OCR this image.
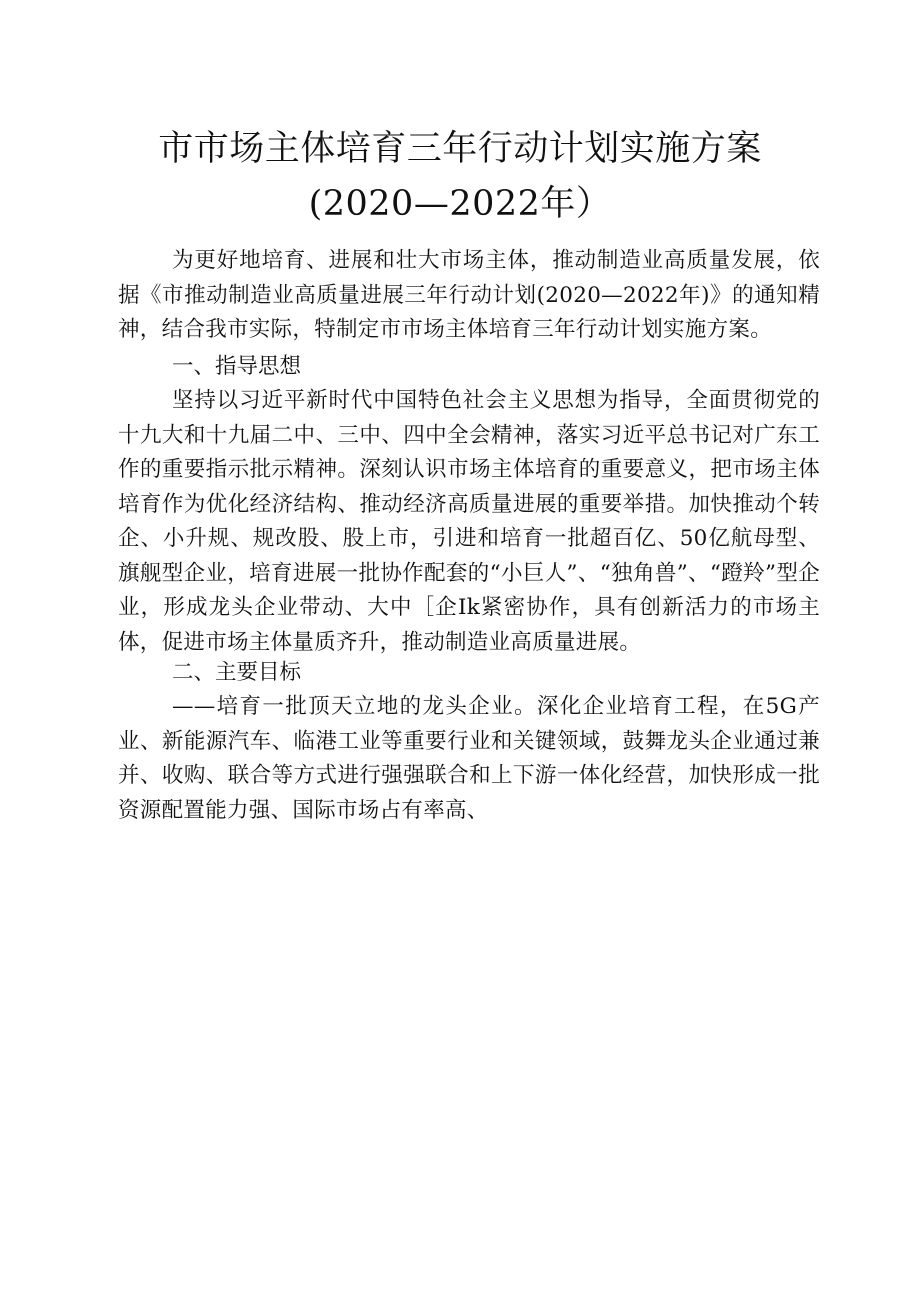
市市场主体培育三年行动计划实施方案
(2020—2022年）

为更好地培育、进展和壮大市场主体，推动制造业高质量发展，依据《市推动制造业高质量进展三年行动计划(2020—2022年)》的通知精神，结合我市实际，特制定市市场主体培育三年行动计划实施方案。

一、指导思想

坚持以习近平新时代中国特色社会主义思想为指导，全面贯彻党的十九大和十九届二中、三中、四中全会精神，落实习近平总书记对广东工作的重要指示批示精神。深刻认识市场主体培育的重要意义，把市场主体培育作为优化经济结构、推动经济高质量进展的重要举措。加快推动个转企、小升规、规改股、股上市，引进和培育一批超百亿、50亿航母型、旗舰型企业，培育进展一批协作配套的“小巨人”、“独角兽”、“蹬羚”型企业，形成龙头企业带动、大中［企Ik紧密协作，具有创新活力的市场主体，促进市场主体量质齐升，推动制造业高质量进展。

二、主要目标

——培育一批顶天立地的龙头企业。深化企业培育工程，在5G产业、新能源汽车、临港工业等重要行业和关键领域，鼓舞龙头企业通过兼并、收购、联合等方式进行强强联合和上下游一体化经营，加快形成一批资源配置能力强、国际市场占有率高、
